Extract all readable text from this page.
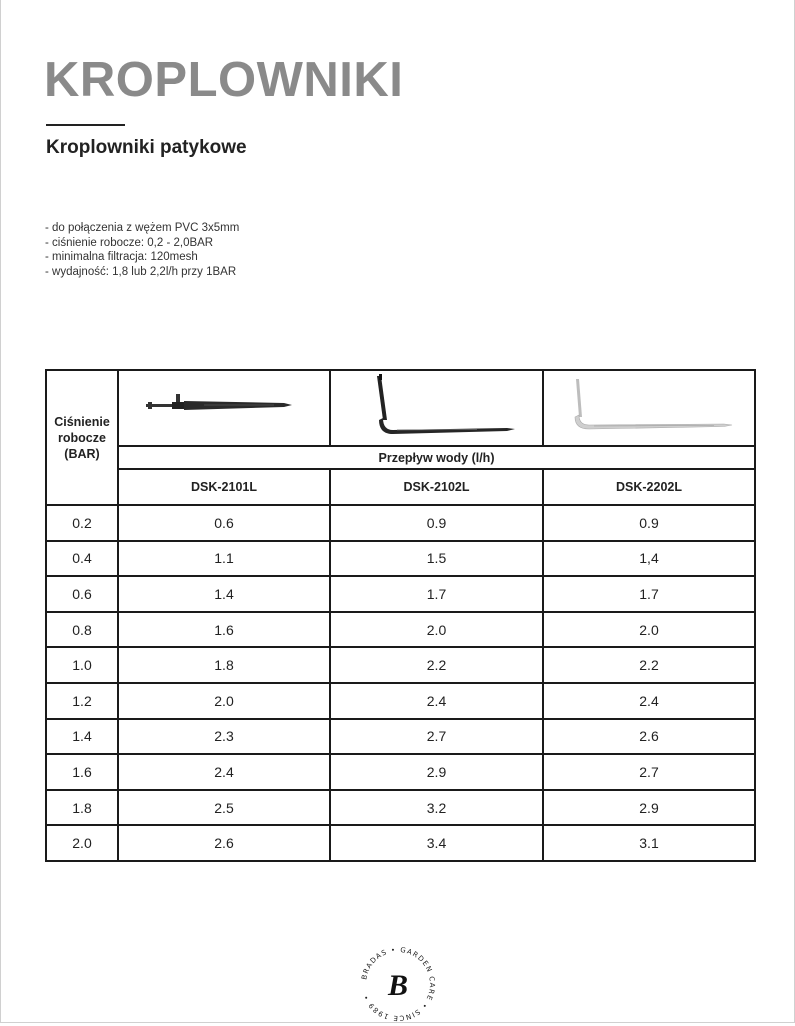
KROPLOWNIKI
Kroplowniki patykowe
- do połączenia z wężem PVC 3x5mm
- ciśnienie robocze: 0,2 - 2,0BAR
- minimalna filtracja: 120mesh
- wydajność: 1,8 lub 2,2l/h przy 1BAR
Ciśnienie
robocze
(BAR)			
	Przepływ wody (l/h)		
	DSK-2101L	DSK-2102L	DSK-2202L
0.2	0.6	0.9	0.9
0.4	1.1	1.5	1,4
0.6	1.4	1.7	1.7
0.8	1.6	2.0	2.0
1.0	1.8	2.2	2.2
1.2	2.0	2.4	2.4
1.4	2.3	2.7	2.6
1.6	2.4	2.9	2.7
1.8	2.5	3.2	2.9
2.0	2.6	3.4	3.1
BRADAS • GARDEN CARE • SINCE 1989 • B
